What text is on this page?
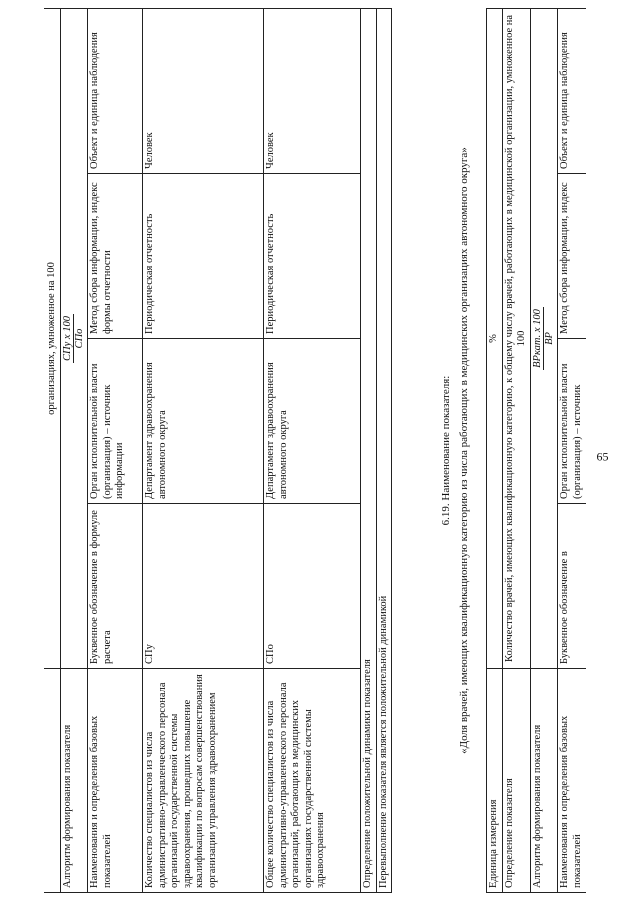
65

	организациях, умноженное на 100			

Алгоритм формирования показателя	СПу x 100 СПо			

Наименования и определения базовых показателей	Буквенное обозначение в формуле расчета	Орган исполнительной власти (организация) – источник информации	Метод сбора информации, индекс формы отчетности	Объект и единица наблюдения
Количество специалистов из числа административно-управленческого персонала организаций государственной системы здравоохранения, прошедших повышение квалификации по вопросам совершенствования организации управления здравоохранением	СПу	Департамент здравоохранения автономного округа	Периодическая отчетность	Человек
Общее количество специалистов из числа административно-управленческого персонала организаций, работающих в медицинских организациях государственной системы здравоохранения	СПо	Департамент здравоохранения автономного округа	Периодическая отчетность	Человек
Определение положительной динамики показателя				
Перевыполнение показателя является положительной динамикой				
6.19. Наименование показателя: «Доля врачей, имеющих квалификационную категорию из числа работающих в медицинских организациях автономного округа»
Единица измерения	%			
Определение показателя	Количество врачей, имеющих квалификационную категорию, к общему числу врачей, работающих в медицинской организации, умноженное на 100			
Алгоритм формирования показателя	ВРкат. x 100 ВР			

Наименования и определения базовых показателей	Буквенное обозначение в	Орган исполнительной власти (организация) – источник	Метод сбора информации, индекс	Объект и единица наблюдения
